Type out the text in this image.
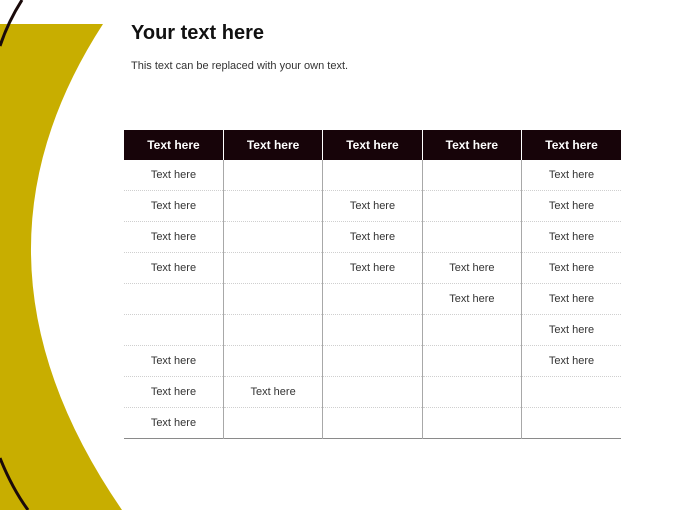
Your text here

This text can be replaced with your own text.

Text here	Text here	Text here	Text here	Text here
Text here				Text here
Text here		Text here		Text here
Text here		Text here		Text here
Text here		Text here	Text here	Text here
			Text here	Text here
				Text here
Text here				Text here
Text here	Text here			
Text here				
